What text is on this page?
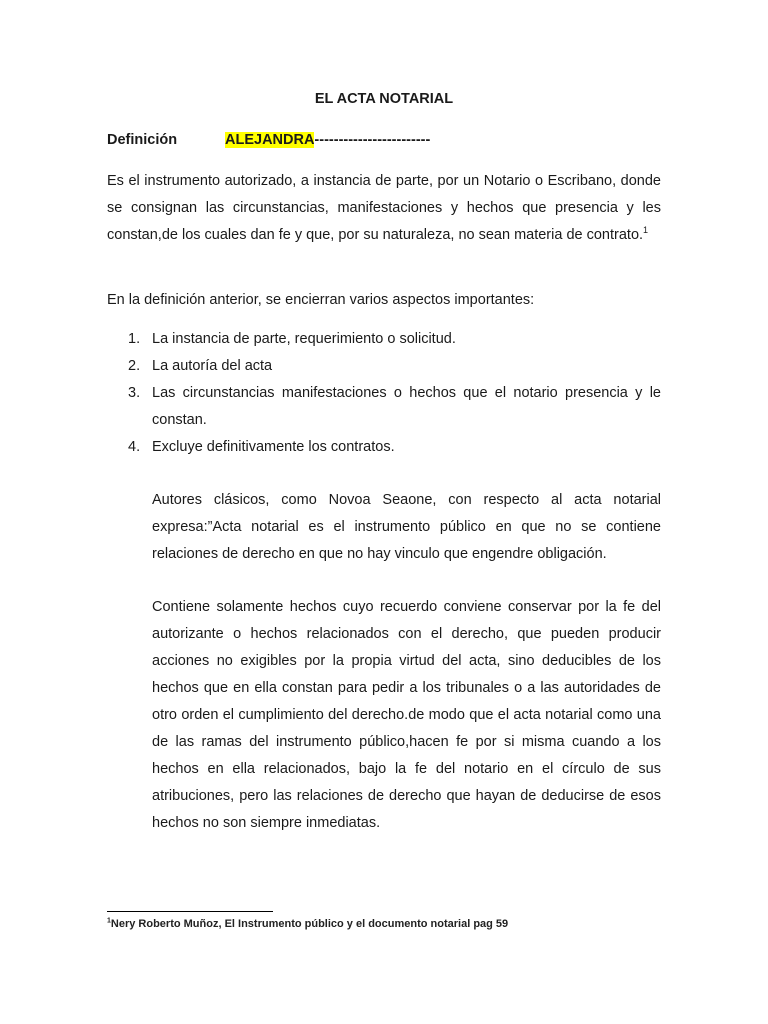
EL ACTA NOTARIAL
Definición	ALEJANDRA------------------------

Es el instrumento autorizado, a instancia de parte, por un Notario o Escribano, donde se consignan las circunstancias, manifestaciones y hechos que presencia y les constan,de los cuales dan fe y que, por su naturaleza, no sean materia de contrato.$^1$

En la definición anterior, se encierran varios aspectos importantes:

1. La instancia de parte, requerimiento o solicitud.
2. La autoría del acta
3. Las circunstancias manifestaciones o hechos que el notario presencia y le constan.
4. Excluye definitivamente los contratos.

Autores clásicos, como Novoa Seaone, con respecto al acta notarial expresa:”Acta notarial es el instrumento público en que no se contiene relaciones de derecho en que no hay vinculo que engendre obligación.

Contiene solamente hechos cuyo recuerdo conviene conservar por la fe del autorizante o hechos relacionados con el derecho, que pueden producir acciones no exigibles por la propia virtud del acta, sino deducibles de los hechos que en ella constan para pedir a los tribunales o a las autoridades de otro orden el cumplimiento del derecho.de modo que el acta notarial como una de las ramas del instrumento público,hacen fe por si misma cuando a los hechos en ella relacionados, bajo la fe del notario en el círculo de sus atribuciones, pero las relaciones de derecho que hayan de deducirse de esos hechos no son siempre inmediatas.

$^1$Nery Roberto Muñoz, El Instrumento público y el documento notarial pag 59
